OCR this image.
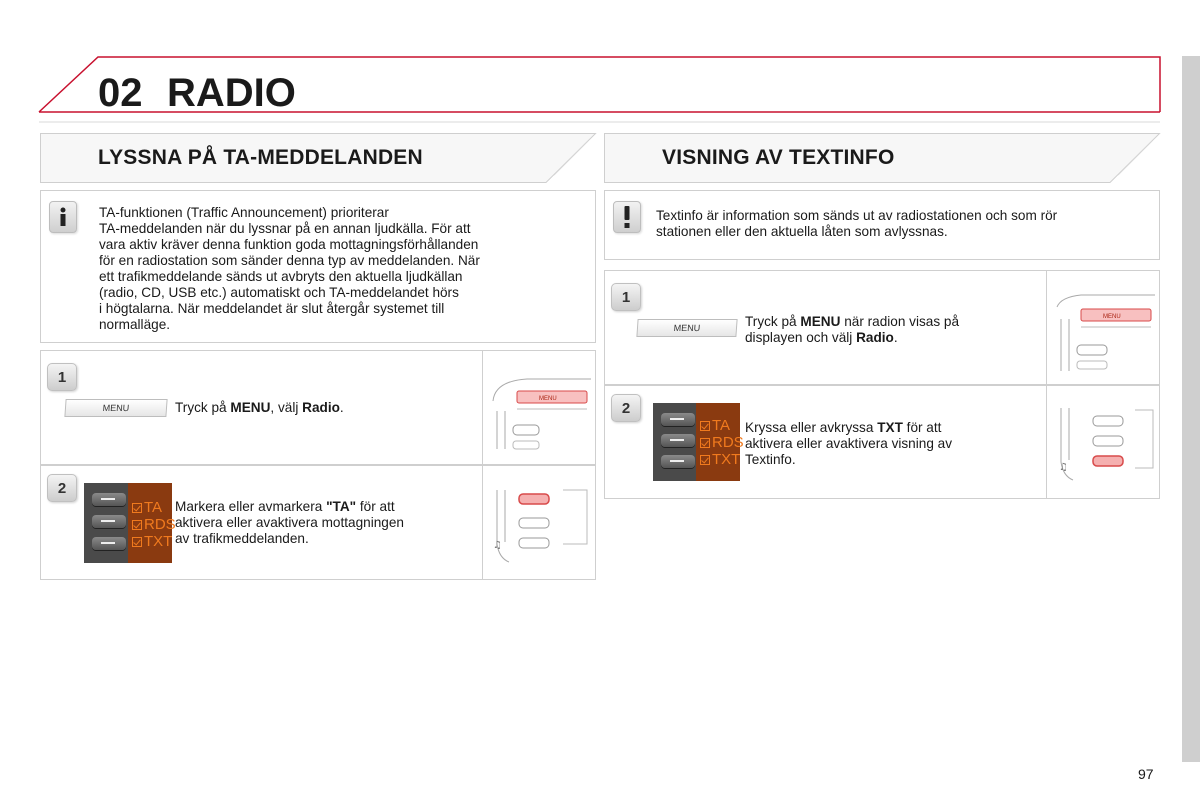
02 RADIO
LYSSNA PÅ TA-MEDDELANDEN
TA-funktionen (Traffic Announcement) prioriterar
TA-meddelanden när du lyssnar på en annan ljudkälla. För att
vara aktiv kräver denna funktion goda mottagningsförhållanden
för en radiostation som sänder denna typ av meddelanden. När
ett trafikmeddelande sänds ut avbryts den aktuella ljudkällan
(radio, CD, USB etc.) automatiskt och TA-meddelandet hörs
i högtalarna. När meddelandet är slut återgår systemet till
normalläge.
1
MENU	Tryck på MENU, välj Radio.
MENU
2
TA
RDS
TXT
Markera eller avmarkera "TA" för att
aktivera eller avaktivera mottagningen
av trafikmeddelanden.	♫
VISNING AV TEXTINFO
Textinfo är information som sänds ut av radiostationen och som rör
stationen eller den aktuella låten som avlyssnas.
1
MENU	Tryck på MENU när radion visas på
displayen och välj Radio.
MENU
2
TA
RDS
TXT
Kryssa eller avkryssa TXT för att
aktivera eller avaktivera visning av
Textinfo.
♫
97
